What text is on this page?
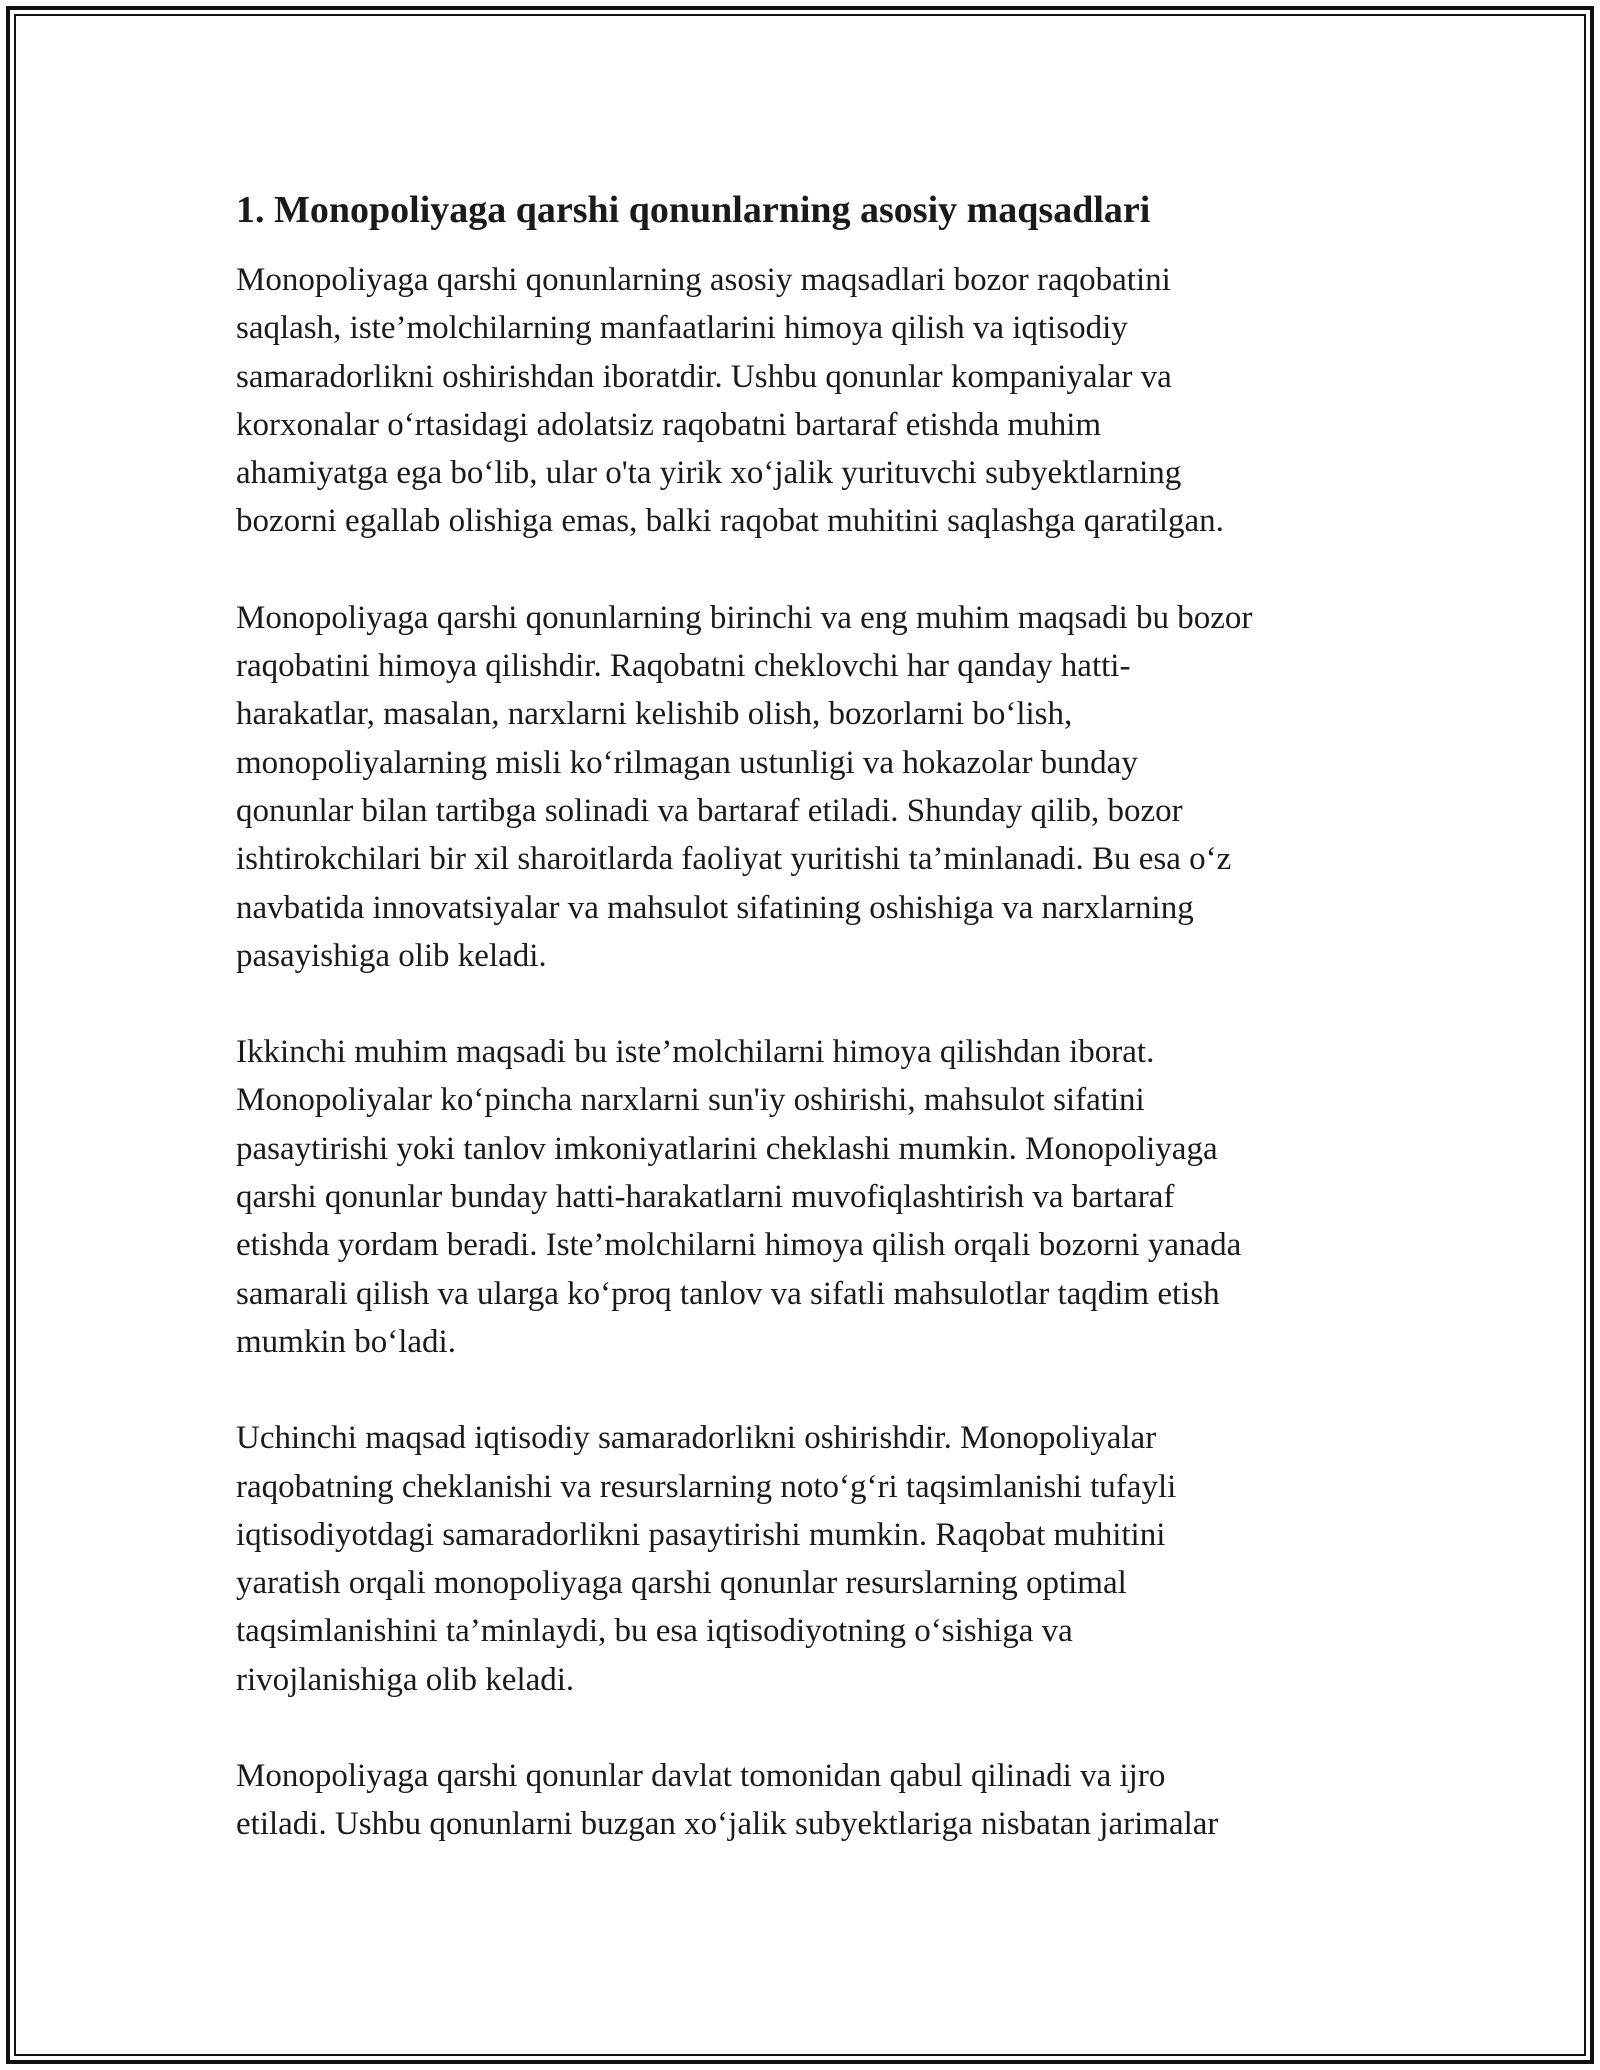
1. Monopoliyaga qarshi qonunlarning asosiy maqsadlari
Monopoliyaga qarshi qonunlarning asosiy maqsadlari bozor raqobatini
saqlash, iste’molchilarning manfaatlarini himoya qilish va iqtisodiy
samaradorlikni oshirishdan iboratdir. Ushbu qonunlar kompaniyalar va
korxonalar o‘rtasidagi adolatsiz raqobatni bartaraf etishda muhim
ahamiyatga ega bo‘lib, ular o'ta yirik xo‘jalik yurituvchi subyektlarning
bozorni egallab olishiga emas, balki raqobat muhitini saqlashga qaratilgan.
Monopoliyaga qarshi qonunlarning birinchi va eng muhim maqsadi bu bozor
raqobatini himoya qilishdir. Raqobatni cheklovchi har qanday hatti-
harakatlar, masalan, narxlarni kelishib olish, bozorlarni bo‘lish,
monopoliyalarning misli ko‘rilmagan ustunligi va hokazolar bunday
qonunlar bilan tartibga solinadi va bartaraf etiladi. Shunday qilib, bozor
ishtirokchilari bir xil sharoitlarda faoliyat yuritishi ta’minlanadi. Bu esa o‘z
navbatida innovatsiyalar va mahsulot sifatining oshishiga va narxlarning
pasayishiga olib keladi.
Ikkinchi muhim maqsadi bu iste’molchilarni himoya qilishdan iborat.
Monopoliyalar ko‘pincha narxlarni sun'iy oshirishi, mahsulot sifatini
pasaytirishi yoki tanlov imkoniyatlarini cheklashi mumkin. Monopoliyaga
qarshi qonunlar bunday hatti-harakatlarni muvofiqlashtirish va bartaraf
etishda yordam beradi. Iste’molchilarni himoya qilish orqali bozorni yanada
samarali qilish va ularga ko‘proq tanlov va sifatli mahsulotlar taqdim etish
mumkin bo‘ladi.
Uchinchi maqsad iqtisodiy samaradorlikni oshirishdir. Monopoliyalar
raqobatning cheklanishi va resurslarning noto‘g‘ri taqsimlanishi tufayli
iqtisodiyotdagi samaradorlikni pasaytirishi mumkin. Raqobat muhitini
yaratish orqali monopoliyaga qarshi qonunlar resurslarning optimal
taqsimlanishini ta’minlaydi, bu esa iqtisodiyotning o‘sishiga va
rivojlanishiga olib keladi.
Monopoliyaga qarshi qonunlar davlat tomonidan qabul qilinadi va ijro
etiladi. Ushbu qonunlarni buzgan xo‘jalik subyektlariga nisbatan jarimalar
